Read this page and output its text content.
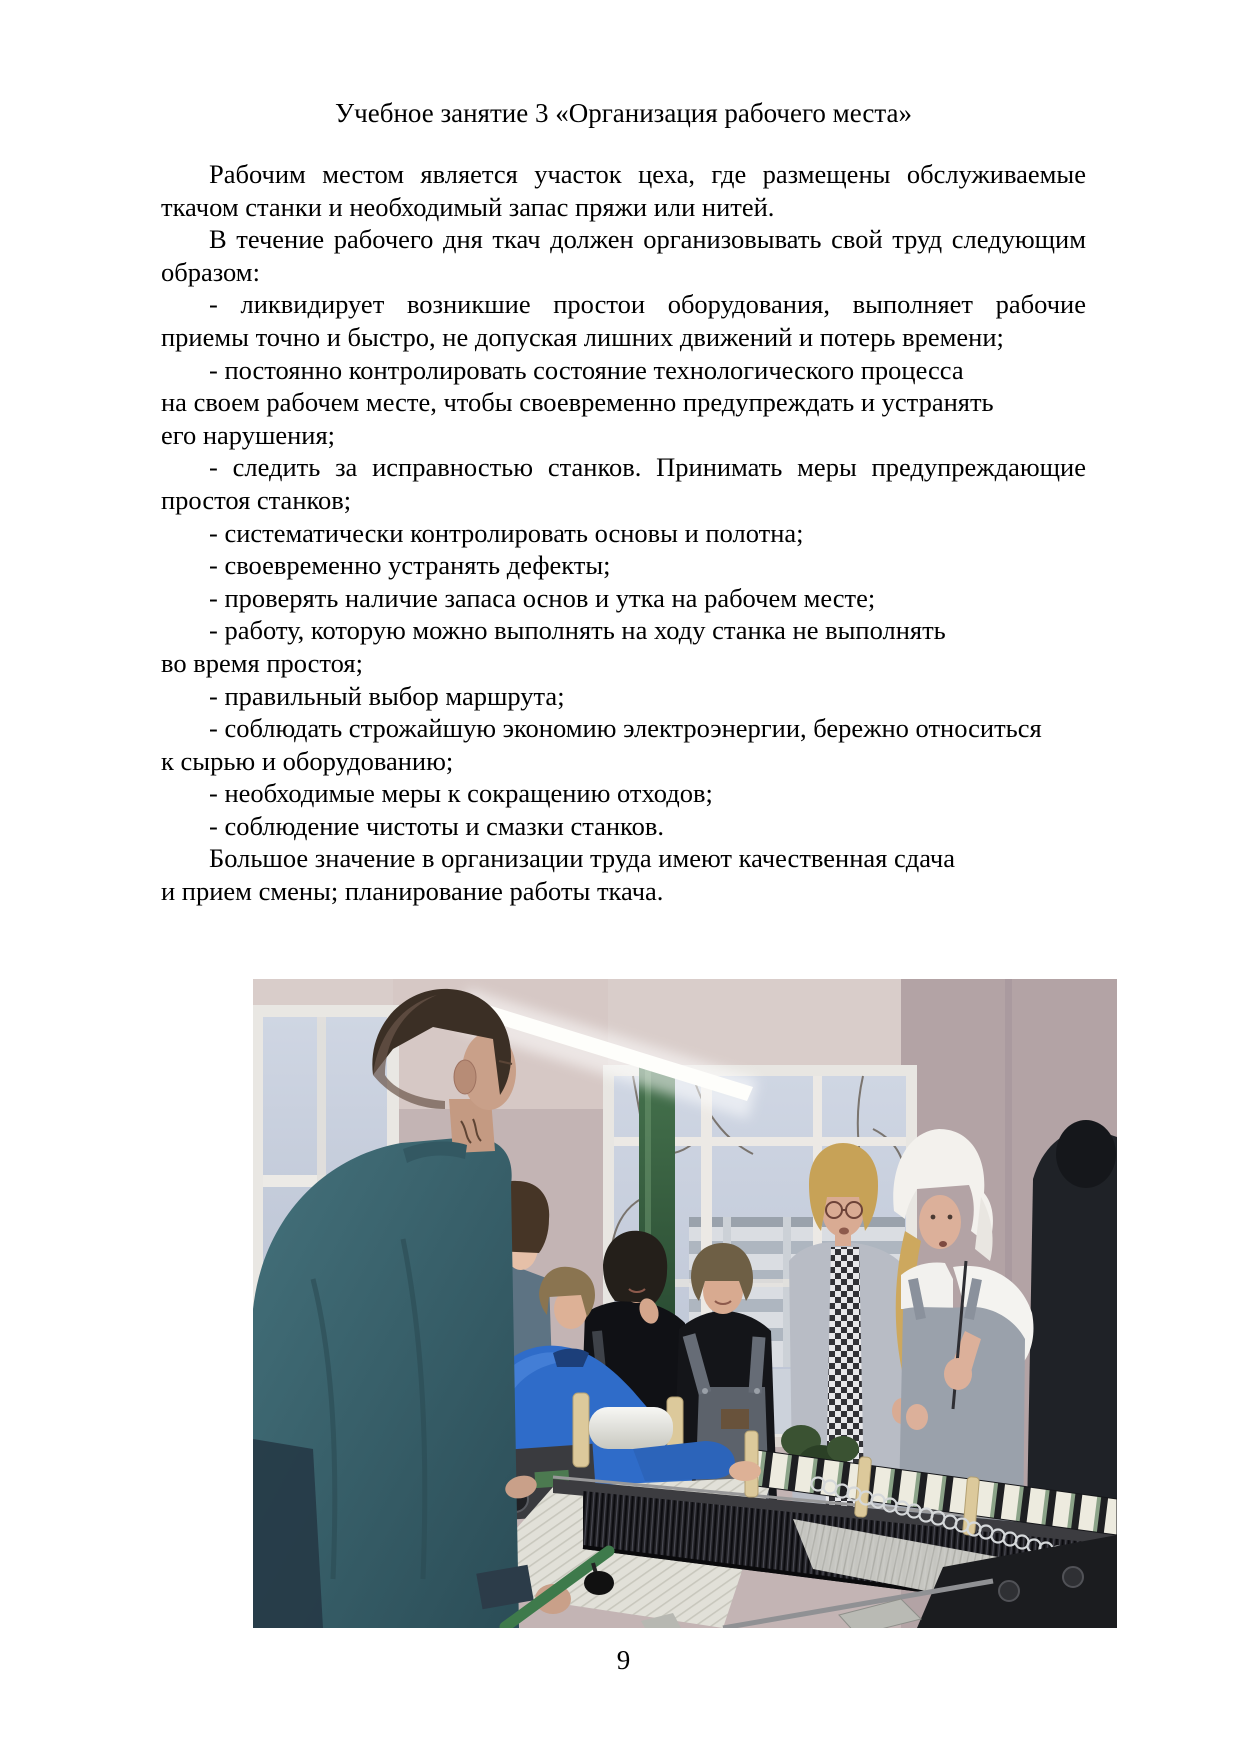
Учебное занятие 3 «Организация рабочего места»
Рабочим местом является участок цеха, где размещены обслуживаемые
ткачом станки и необходимый запас пряжи или нитей.
В течение рабочего дня ткач должен организовывать свой труд следующим
образом:
- ликвидирует возникшие простои оборудования, выполняет рабочие
приемы точно и быстро, не допуская лишних движений и потерь времени;
- постоянно контролировать состояние технологического процесса
на своем рабочем месте, чтобы своевременно предупреждать и устранять
его нарушения;
- следить за исправностью станков. Принимать меры предупреждающие
простоя станков;
- систематически контролировать основы и полотна;
- своевременно устранять дефекты;
- проверять наличие запаса основ и утка на рабочем месте;
- работу, которую можно выполнять на ходу станка не выполнять
во время простоя;
- правильный выбор маршрута;
- соблюдать строжайшую экономию электроэнергии, бережно относиться
к сырью и оборудованию;
- необходимые меры к сокращению отходов;
- соблюдение чистоты и смазки станков.
Большое значение в организации труда имеют качественная сдача
и прием смены; планирование работы ткача.
9
